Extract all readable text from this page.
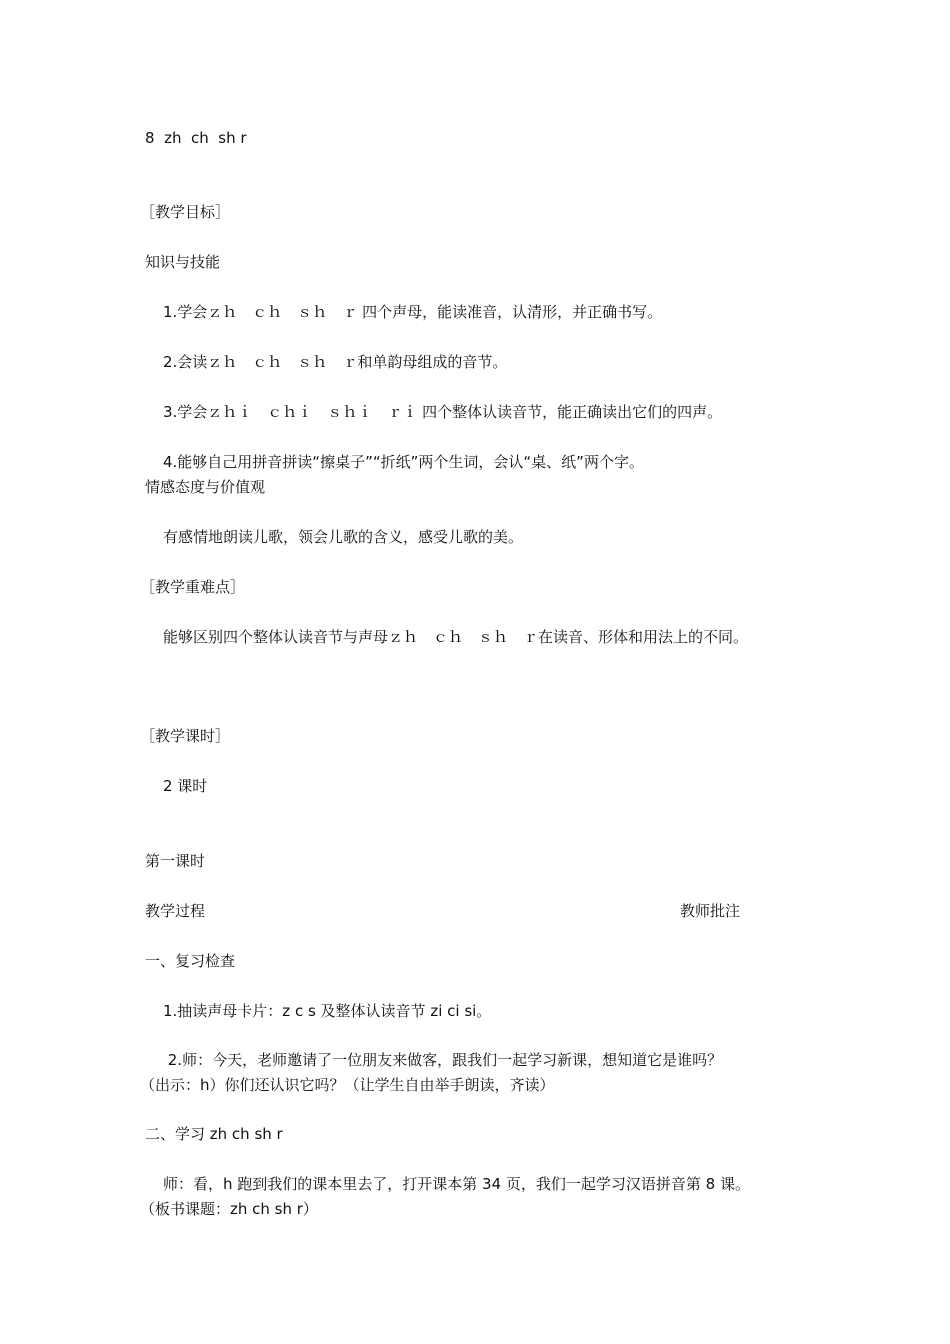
8  zh  ch  sh r
［教学目标］
知识与技能
1.学会ｚｈ　ｃｈ　ｓｈ　ｒ 四个声母，能读准音，认清形，并正确书写。
2.会读ｚｈ　ｃｈ　ｓｈ　ｒ和单韵母组成的音节。
3.学会ｚｈｉ　ｃｈｉ　ｓｈｉ　ｒｉ 四个整体认读音节，能正确读出它们的四声。
4.能够自己用拼音拼读“擦桌子”“折纸”两个生词，会认“桌、纸”两个字。
情感态度与价值观
有感情地朗读儿歌，领会儿歌的含义，感受儿歌的美。
［教学重难点］
能够区别四个整体认读音节与声母ｚｈ　ｃｈ　ｓｈ　ｒ在读音、形体和用法上的不同。
［教学课时］
2 课时
第一课时
教学过程	教师批注
一、复习检查
1.抽读声母卡片：z c s 及整体认读音节 zi ci si。
2.师：今天，老师邀请了一位朋友来做客，跟我们一起学习新课，想知道它是谁吗？
（出示：h）你们还认识它吗？（让学生自由举手朗读，齐读）
二、学习 zh ch sh r
师：看，h 跑到我们的课本里去了，打开课本第 34 页，我们一起学习汉语拼音第 8 课。
（板书课题：zh ch sh r）
